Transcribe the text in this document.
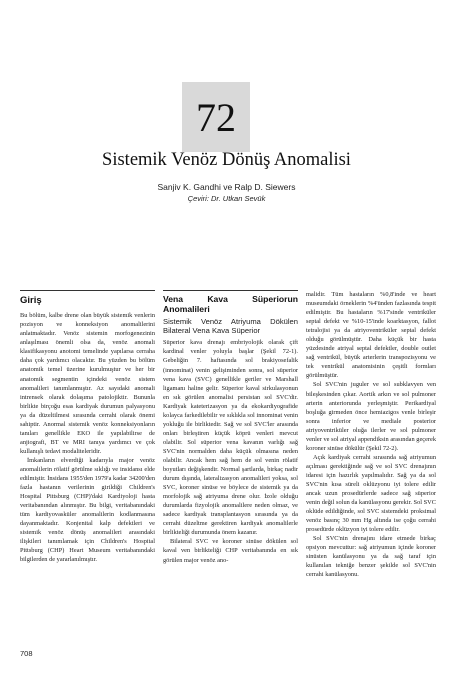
72
Sistemik Venöz Dönüş Anomalisi
Sanjiv K. Gandhi ve Ralp D. Siewers
Çeviri: Dr. Utkan Sevük
Giriş

Bu bölüm, kalbe drene olan büyük sistemik venlerin pozisyon ve konneksiyon anomalilerini anlatmaktadır. Venöz sistemin morfogenezinin anlaşılması önemli olsa da, venöz anomali klasifikasyonu anotomi temelinde yapılarsa cerraha daha çok yardımcı olacaktır. Bu yüzden bu bölüm anatomik temel üzerine kurulmuştur ve her bir anatomik segmentin içindeki venöz sistem anomalileri tanımlanmıştır. Az sayıdaki anomali intrensek olarak dolaşıma patolojiktir. Bununla birlikte birçoğu esas kardiyak durumun palyasyonu ya da düzeltilmesi sırasında cerrahi olarak önemi sahiptir. Anormal sistemik venöz konneksiyonların tanıları genellikle EKO ile yapılabilirse de anjiografi, BT ve MRI tanıya yardımcı ve çok kullanışlı tedavi modaliteleridir.

İmkanların elverdiği kadarıyla major venöz anomalilerin rölatif görülme sıklığı ve insidansı elde edilmiştir. İnsidans 1955'den 1979'a kadar 34200'den fazla hastanın verilerinin girildiği Children's Hospital Pittsburg (CHP)'daki Kardiyoloji hasta veritabanından alınmıştır. Bu bilgi, veritabanındaki tüm kardiyovasküler anomalilerin kodlanmasına dayanmaktadır. Konjenital kalp defektleri ve sistemik venöz dönüş anomalileri arasındaki ilişkileri tanımlamak için Children's Hospital Pittsburg (CHP) Heart Museum veritabanındaki bilgilerden de yararlanılmıştır.

Vena Kava Süperiorun Anomalileri
Sistemik Venöz Atriyuma Dökülen Bilateral Vena Kava Süperior

Süperior kava drenajı embriyolojik olarak çift kardinal venler yoluyla başlar (Şekil 72-1). Gebeliğin 7. haftasında sol brakiyosefalik (innominat) venin gelişiminden sonra, sol süperior vena kava (SVC) genellikle geriler ve Marshall ligamanı haline gelir. Süperior kaval sirkulasyonun en sık görülen anomalisi persistan sol SVC'dir. Kardiyak kateterizasyon ya da ekokardiyografide kolayca farkedilebilir ve sıklıkla sol innominat venin yokluğu ile birliktedir. Sağ ve sol SVC'ler arasında onları birleştiren küçük köprü venleri mevcut olabilir. Sol süperior vena kavanın varlığı sağ SVC'nin normalden daha küçük olmasına neden olabilir. Ancak hem sağ hem de sol venin rölatif boyutları değişkendir. Normal şartlarda, birkaç nadir durum dışında, lateralizasyon anomalileri yoksa, sol SVC, koroner sinüse ve böylece de sistemik ya da morfolojik sağ atriyuma drene olur. İzole olduğu durumlarda fizyolojik anomalilere neden olmaz, ve sadece kardiyak transplantasyon sırasında ya da cerrahi düzeltme gerektiren kardiyak anomalilerle birlikteliği durumunda önem kazanır.

Bilateral SVC ve koroner sinüse dökülen sol kaval ven birlikteliği CHP veritabanında en sık görülen major venöz ano-

malidir. Tüm hastaların %0,8'inde ve heart museumdaki örneklerin %4'ünden fazlasında tespit edilmiştir. Bu hastaların %17'sinde ventriküler septal defekt ve %10-15'inde koarktasyon, fallot tetralojisi ya da atriyoventriküler septal defekt olduğu görülmüştür. Daha küçük bir hasta yüzdesinde atriyal septal defektler, double outlet sağ ventrikül, büyük arterlerin transpozisyonu ve tek ventrikül anatomisinin çeşitli formları görülmüştür.

Sol SVC'nin juguler ve sol subklavyen ven bileşkesinden çıkar. Aortik arkın ve sol pulmoner arterin anteriorunda yerleşmiştir. Perikardiyal boşluğa girmeden önce hemiazigos venle birleşir sonra inferior ve mediale posterior atriyoventriküler oluğa ilerler ve sol pulmoner venler ve sol atriyal appendiksin arasından geçerek koroner sinüse dökülür (Şekil 72-2).

Açık kardiyak cerrahi sırasında sağ atriyumun açılması gerektiğinde sağ ve sol SVC drenajının idaresi için hazırlık yapılmalıdır. Sağ ya da sol SVC'nin kısa süreli oklüzyonu iyi tolere edilir ancak uzun prosedürlerde sadece sağ süperior venin değil solun da kanülasyonu gerekir. Sol SVC oklüde edildiğinde, sol SVC sistemdeki proksimal venöz basınç 30 mm Hg altında ise çoğu cerrahi prosedürde oklüzyon iyi tolere edilir.

Sol SVC'nin drenajını idare etmede birkaç opsiyon mevcuttur: sağ atriyumun içinde koroner sinüsten kanülasyonu ya da sağ taraf için kullanılan tekniğe benzer şekilde sol SVC'nin cerrahi kanülasyonu.

708
